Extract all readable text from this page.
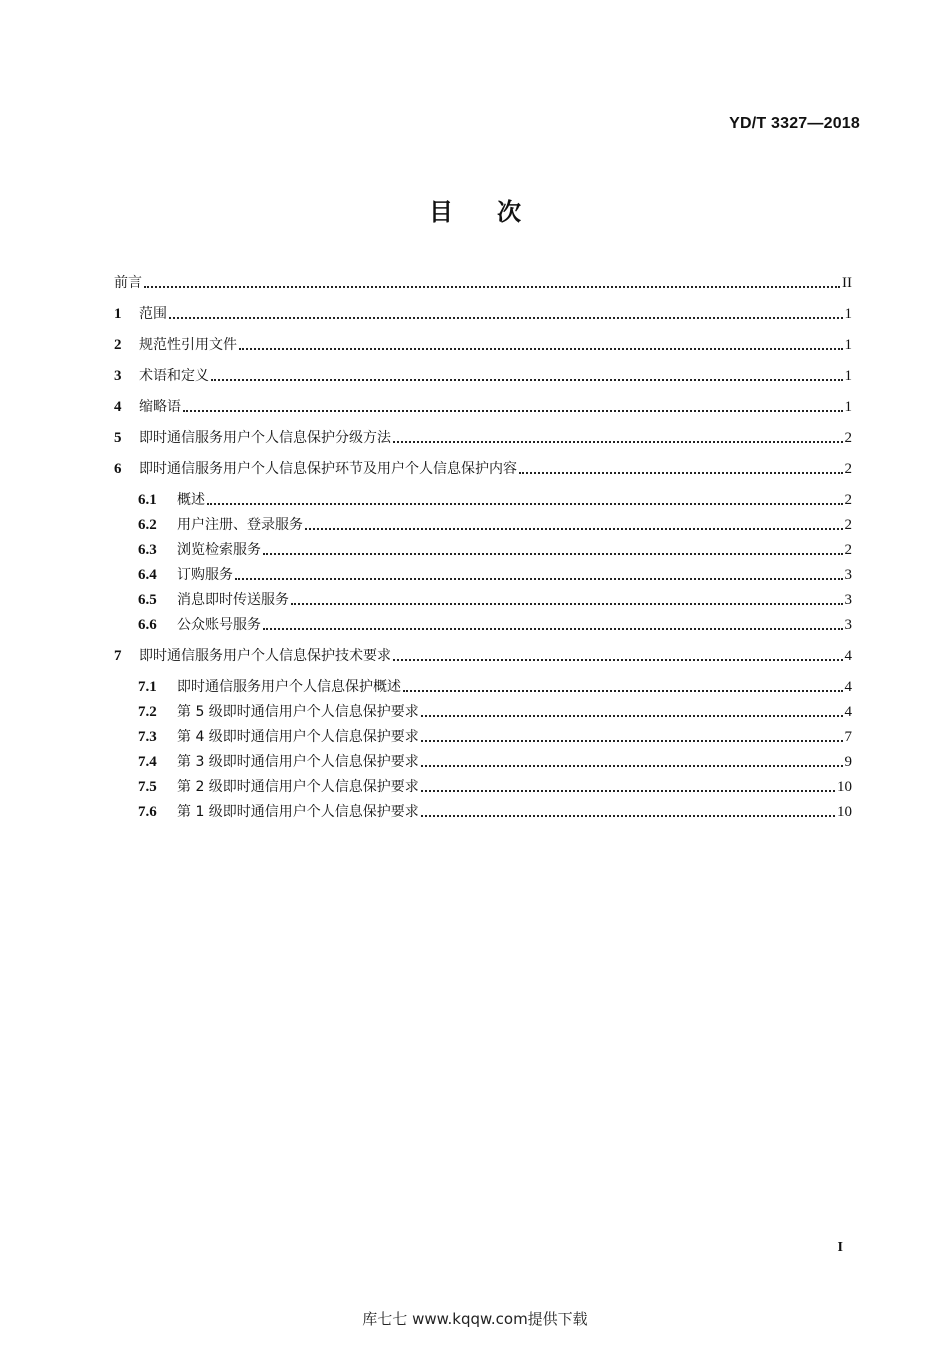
YD/T 3327—2018
目次
前言	II
1	范围	1
2	规范性引用文件	1
3	术语和定义	1
4	缩略语	1
5	即时通信服务用户个人信息保护分级方法	2
6	即时通信服务用户个人信息保护环节及用户个人信息保护内容	2
6.1	概述	2
6.2	用户注册、登录服务	2
6.3	浏览检索服务	2
6.4	订购服务	3
6.5	消息即时传送服务	3
6.6	公众账号服务	3
7	即时通信服务用户个人信息保护技术要求	4
7.1	即时通信服务用户个人信息保护概述	4
7.2	第 5 级即时通信用户个人信息保护要求	4
7.3	第 4 级即时通信用户个人信息保护要求	7
7.4	第 3 级即时通信用户个人信息保护要求	9
7.5	第 2 级即时通信用户个人信息保护要求	10
7.6	第 1 级即时通信用户个人信息保护要求	10
I
库七七 www.kqqw.com提供下载
